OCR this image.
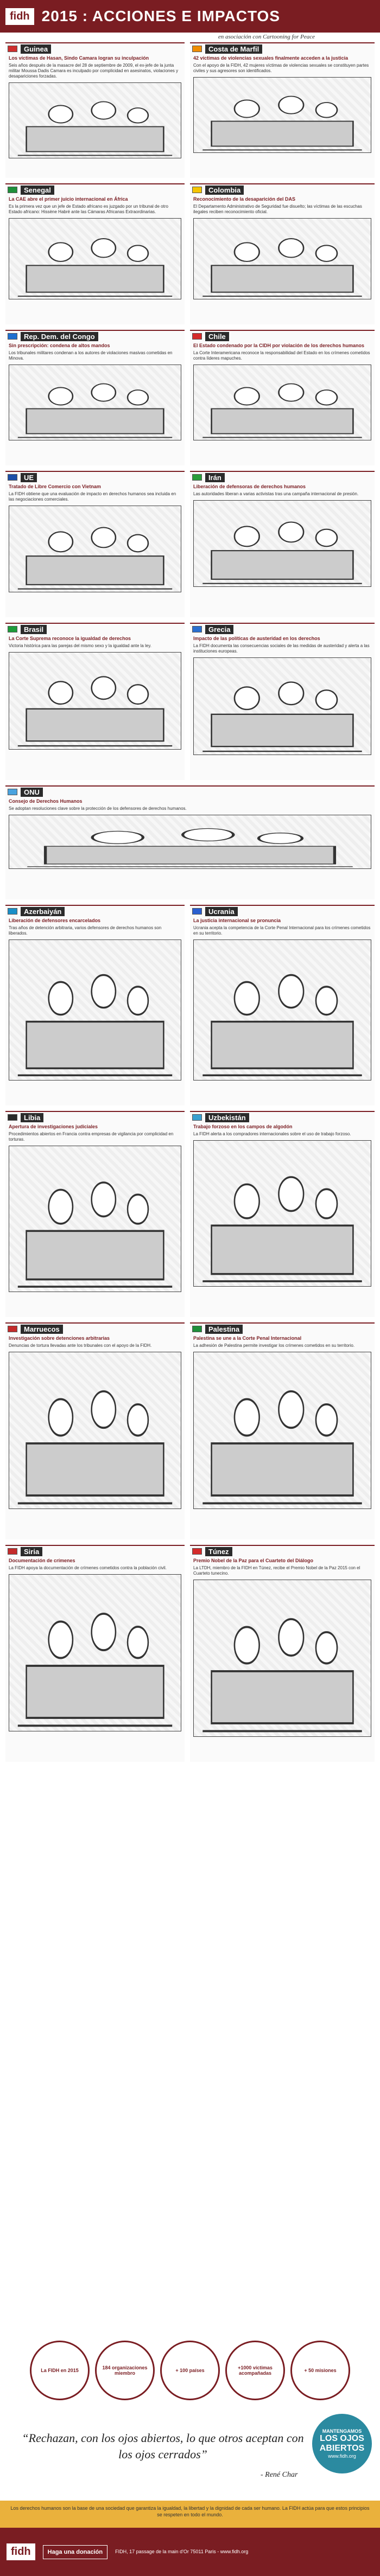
fidh 2015 : ACCIONES E IMPACTOS
en asociación con Cartooning for Peace
Guinea
Los víctimas de Hasan, Sindo Camara logran su inculpación
Seis años después de la masacre del 28 de septiembre de 2009, el ex-jefe de la junta militar Moussa Dadis Camara es inculpado por complicidad en asesinatos, violaciones y desapariciones forzadas.
Costa de Marfil
42 víctimas de violencias sexuales finalmente acceden a la justicia
Con el apoyo de la FIDH, 42 mujeres víctimas de violencias sexuales se constituyen partes civiles y sus agresores son identificados.
Senegal
La CAE abre el primer juicio internacional en África
Es la primera vez que un jefe de Estado africano es juzgado por un tribunal de otro Estado africano: Hissène Habré ante las Cámaras Africanas Extraordinarias.
Colombia
Reconocimiento de la desaparición del DAS
El Departamento Administrativo de Seguridad fue disuelto; las víctimas de las escuchas ilegales reciben reconocimiento oficial.
Rep. Dem. del Congo
Sin prescripción: condena de altos mandos
Los tribunales militares condenan a los autores de violaciones masivas cometidas en Minova.
Chile
El Estado condenado por la CIDH por violación de los derechos humanos
La Corte Interamericana reconoce la responsabilidad del Estado en los crímenes cometidos contra líderes mapuches.
UE
Tratado de Libre Comercio con Vietnam
La FIDH obtiene que una evaluación de impacto en derechos humanos sea incluida en las negociaciones comerciales.
Irán
Liberación de defensoras de derechos humanos
Las autoridades liberan a varias activistas tras una campaña internacional de presión.
Brasil
La Corte Suprema reconoce la igualdad de derechos
Victoria histórica para las parejas del mismo sexo y la igualdad ante la ley.
Grecia
Impacto de las políticas de austeridad en los derechos
La FIDH documenta las consecuencias sociales de las medidas de austeridad y alerta a las instituciones europeas.
ONU
Consejo de Derechos Humanos
Se adoptan resoluciones clave sobre la protección de los defensores de derechos humanos.
Azerbaiyán
Liberación de defensores encarcelados
Tras años de detención arbitraria, varios defensores de derechos humanos son liberados.
Ucrania
La justicia internacional se pronuncia
Ucrania acepta la competencia de la Corte Penal Internacional para los crímenes cometidos en su territorio.
Libia
Apertura de investigaciones judiciales
Procedimientos abiertos en Francia contra empresas de vigilancia por complicidad en torturas.
Uzbekistán
Trabajo forzoso en los campos de algodón
La FIDH alerta a los compradores internacionales sobre el uso de trabajo forzoso.
Marruecos
Investigación sobre detenciones arbitrarias
Denuncias de tortura llevadas ante los tribunales con el apoyo de la FIDH.
Palestina
Palestina se une a la Corte Penal Internacional
La adhesión de Palestina permite investigar los crímenes cometidos en su territorio.
Siria
Documentación de crímenes
La FIDH apoya la documentación de crímenes cometidos contra la población civil.
Túnez
Premio Nobel de la Paz para el Cuarteto del Diálogo
La LTDH, miembro de la FIDH en Túnez, recibe el Premio Nobel de la Paz 2015 con el Cuarteto tunecino.
La FIDH en 2015	184 organizaciones miembro	+ 100 países	+1000 víctimas acompañadas	+ 50 misiones
“Rechazan, con los ojos abiertos, lo que otros aceptan con los ojos cerrados”
- René Char
MANTENGAMOS
LOS OJOS
ABIERTOS
www.fidh.org
Los derechos humanos son la base de una sociedad que garantiza la igualdad, la libertad y la dignidad de cada ser humano. La FIDH actúa para que estos principios se respeten en todo el mundo.
fidh	Haga una donación	FIDH, 17 passage de la main d'Or 75011 Paris - www.fidh.org
